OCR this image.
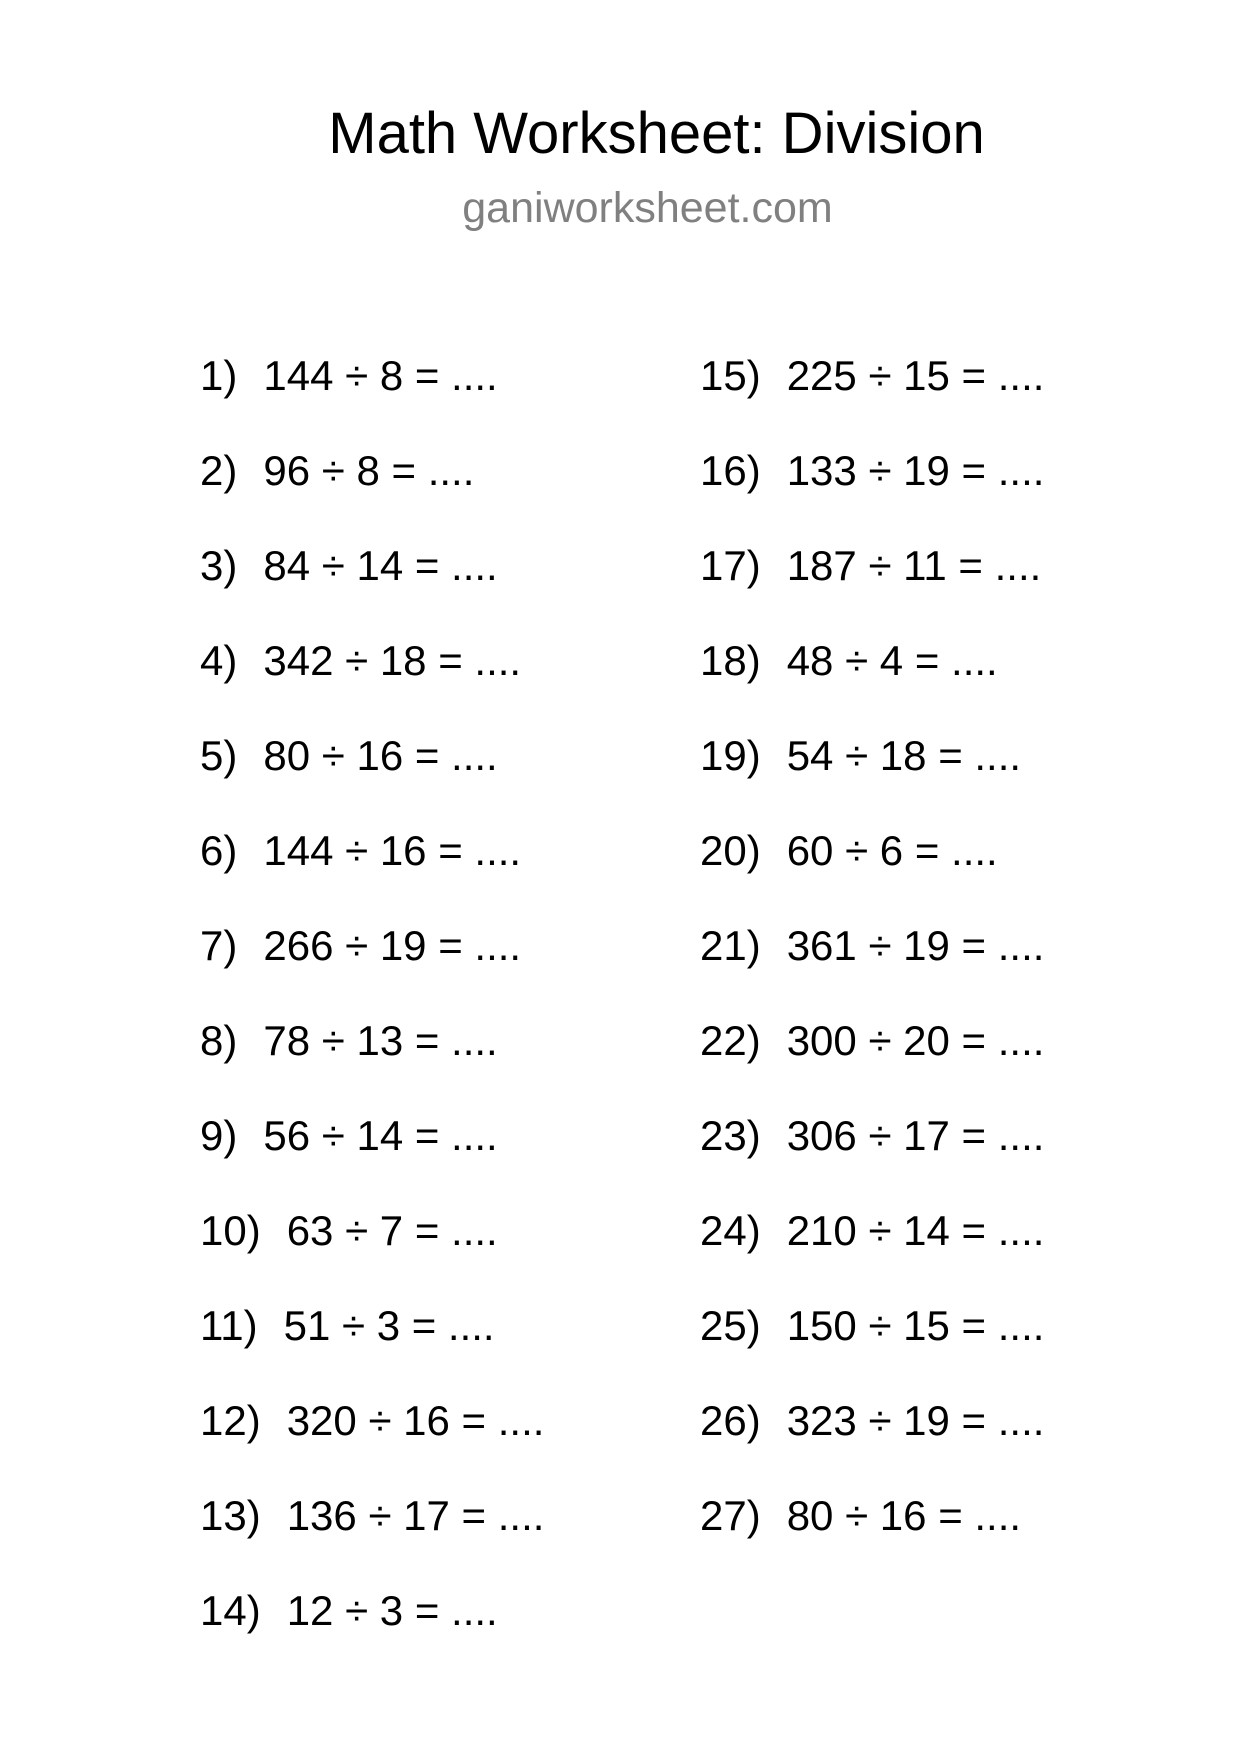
Math Worksheet: Division
ganiworksheet.com
1) 144 ÷ 8 = ....
2) 96 ÷ 8 = ....
3) 84 ÷ 14 = ....
4) 342 ÷ 18 = ....
5) 80 ÷ 16 = ....
6) 144 ÷ 16 = ....
7) 266 ÷ 19 = ....
8) 78 ÷ 13 = ....
9) 56 ÷ 14 = ....
10) 63 ÷ 7 = ....
11) 51 ÷ 3 = ....
12) 320 ÷ 16 = ....
13) 136 ÷ 17 = ....
14) 12 ÷ 3 = ....
15) 225 ÷ 15 = ....
16) 133 ÷ 19 = ....
17) 187 ÷ 11 = ....
18) 48 ÷ 4 = ....
19) 54 ÷ 18 = ....
20) 60 ÷ 6 = ....
21) 361 ÷ 19 = ....
22) 300 ÷ 20 = ....
23) 306 ÷ 17 = ....
24) 210 ÷ 14 = ....
25) 150 ÷ 15 = ....
26) 323 ÷ 19 = ....
27) 80 ÷ 16 = ....
